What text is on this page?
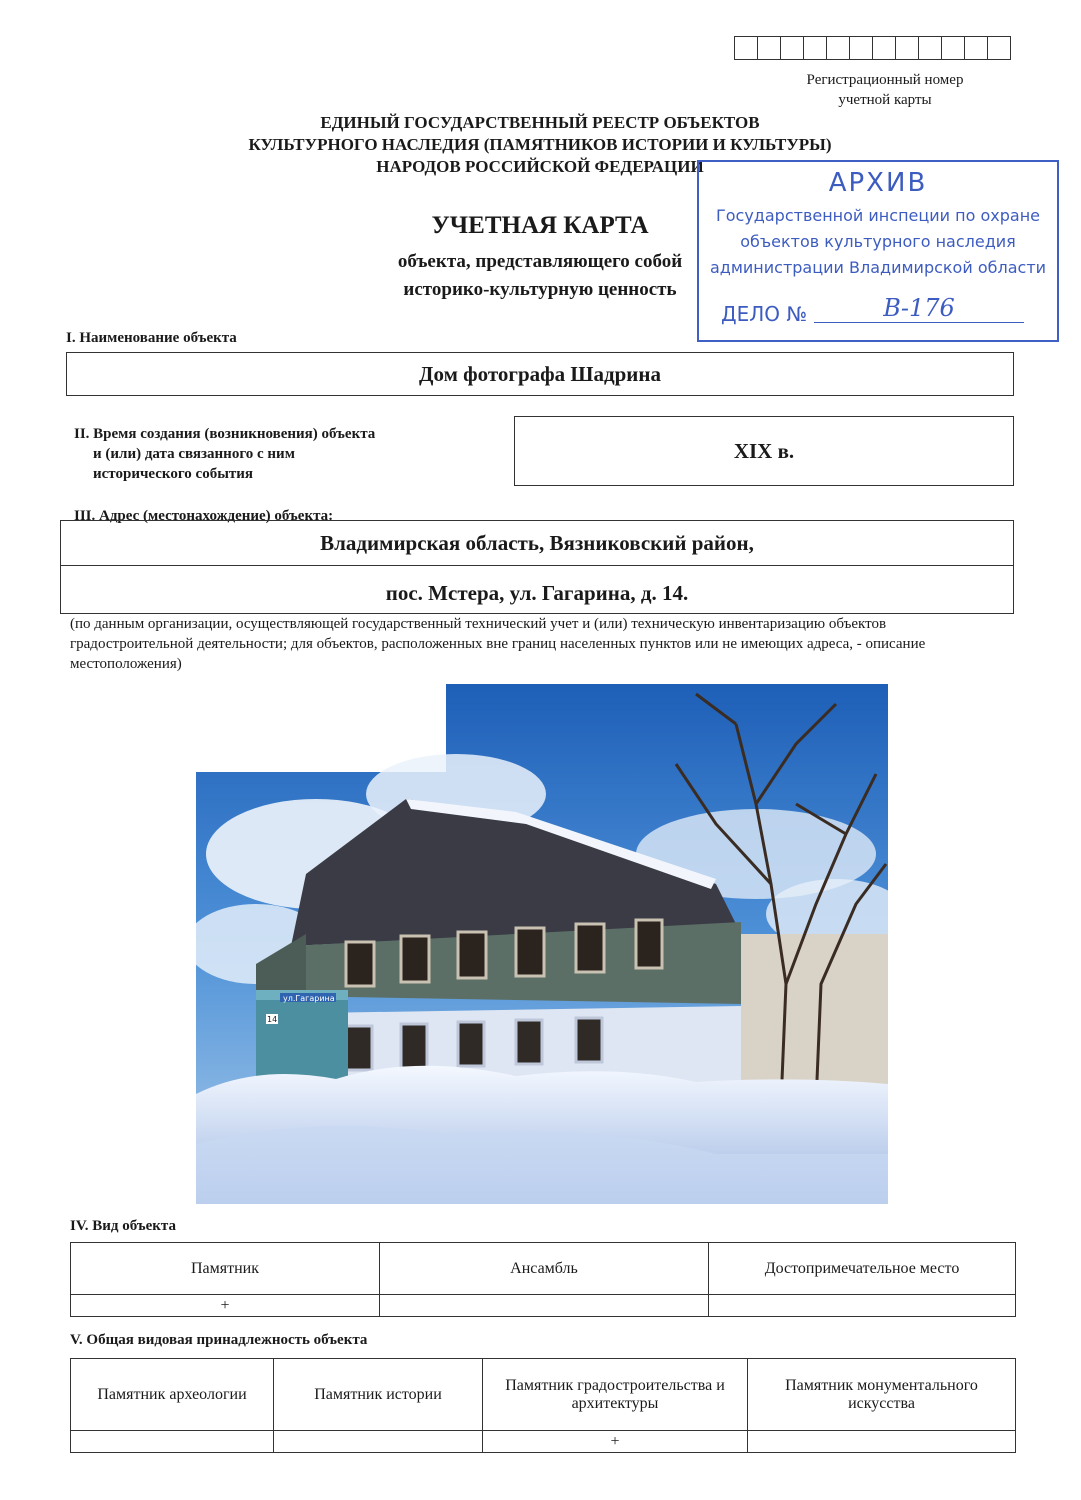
Регистрационный номер
учетной карты
ЕДИНЫЙ ГОСУДАРСТВЕННЫЙ РЕЕСТР ОБЪЕКТОВ
КУЛЬТУРНОГО НАСЛЕДИЯ (ПАМЯТНИКОВ ИСТОРИИ И КУЛЬТУРЫ)
НАРОДОВ РОССИЙСКОЙ ФЕДЕРАЦИИ
УЧЕТНАЯ КАРТА
объекта, представляющего собой
историко-культурную ценность
АРХИВ
Государственной инспеции по охране
объектов культурного наследия
администрации Владимирской области
ДЕЛО №	В-176
I. Наименование объекта
Дом фотографа Шадрина
II. Время создания (возникновения) объекта
и (или) дата связанного с ним
исторического события
XIX в.
III. Адрес (местонахождение) объекта:
Владимирская область, Вязниковский район,
пос. Мстера, ул. Гагарина, д. 14.
(по данным организации, осуществляющей государственный технический учет и (или) техническую инвентаризацию объектов градостроительной деятельности; для объектов, расположенных вне границ населенных пунктов или не имеющих адреса, - описание местоположения)
ул.Гагарина
14
IV. Вид объекта
Памятник	Ансамбль	Достопримечательное место
+		
V. Общая видовая принадлежность объекта
Памятник археологии	Памятник истории	Памятник градостроительства и архитектуры	Памятник монументального искусства
		+	
